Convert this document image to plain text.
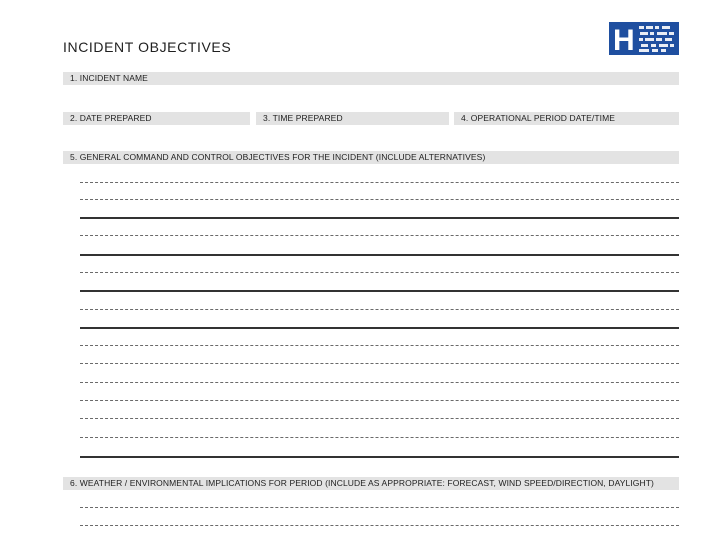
INCIDENT OBJECTIVES	H
1. INCIDENT NAME
2. DATE PREPARED	3. TIME PREPARED	4. OPERATIONAL PERIOD DATE/TIME
5. GENERAL COMMAND AND CONTROL OBJECTIVES FOR THE INCIDENT (INCLUDE ALTERNATIVES)
6. WEATHER / ENVIRONMENTAL IMPLICATIONS FOR PERIOD (INCLUDE AS APPROPRIATE: FORECAST, WIND SPEED/DIRECTION, DAYLIGHT)
